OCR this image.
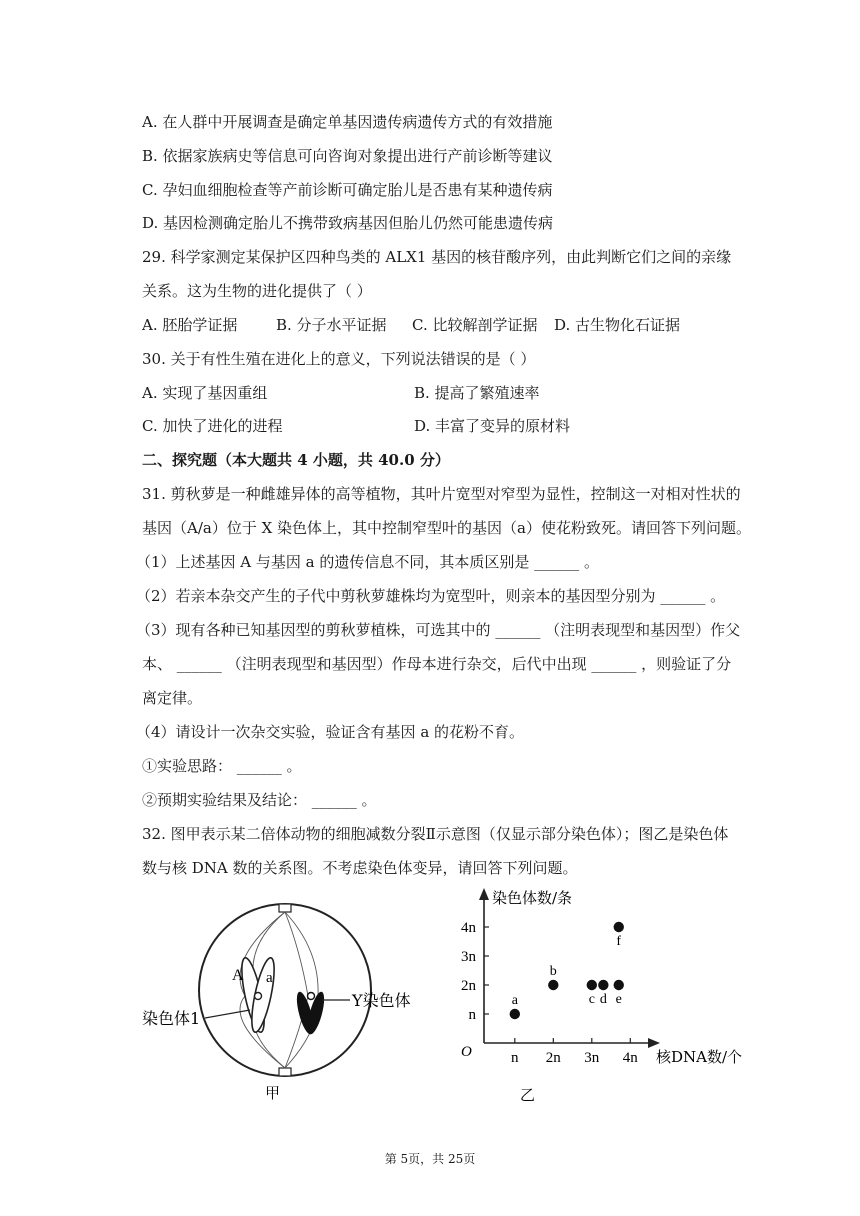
A. 在人群中开展调查是确定单基因遗传病遗传方式的有效措施
B. 依据家族病史等信息可向咨询对象提出进行产前诊断等建议
C. 孕妇血细胞检查等产前诊断可确定胎儿是否患有某种遗传病
D. 基因检测确定胎儿不携带致病基因但胎儿仍然可能患遗传病
29. 科学家测定某保护区四种鸟类的 ALX1 基因的核苷酸序列，由此判断它们之间的亲缘
关系。这为生物的进化提供了（ ）
A. 胚胎学证据	B. 分子水平证据 C. 比较解剖学证据 D. 古生物化石证据
30. 关于有性生殖在进化上的意义，下列说法错误的是（ ）
A. 实现了基因重组	B. 提高了繁殖速率
C. 加快了进化的进程	D. 丰富了变异的原材料
二、探究题（本大题共 4 小题，共 40.0 分）
31. 剪秋萝是一种雌雄异体的高等植物，其叶片宽型对窄型为显性，控制这一对相对性状的
基因（A/a）位于 X 染色体上，其中控制窄型叶的基因（a）使花粉致死。请回答下列问题。
（1）上述基因 A 与基因 a 的遗传信息不同，其本质区别是 ______ 。
（2）若亲本杂交产生的子代中剪秋萝雄株均为宽型叶，则亲本的基因型分别为 ______ 。
（3）现有各种已知基因型的剪秋萝植株，可选其中的 ______ （注明表现型和基因型）作父
本、 ______ （注明表现型和基因型）作母本进行杂交，后代中出现 ______ ，则验证了分
离定律。
（4）请设计一次杂交实验，验证含有基因 a 的花粉不育。
①实验思路： ______ 。
②预期实验结果及结论： ______ 。
32. 图甲表示某二倍体动物的细胞减数分裂Ⅱ示意图（仅显示部分染色体）；图乙是染色体
数与核 DNA 数的关系图。不考虑染色体变异，请回答下列问题。
A a
染色体1
Y染色体
甲
染色体数/条
核DNA数/个
O
乙
n
2n
3n
4n
n 2n 3n 4n
a
b
c d e
f
第 5页，共 25页
